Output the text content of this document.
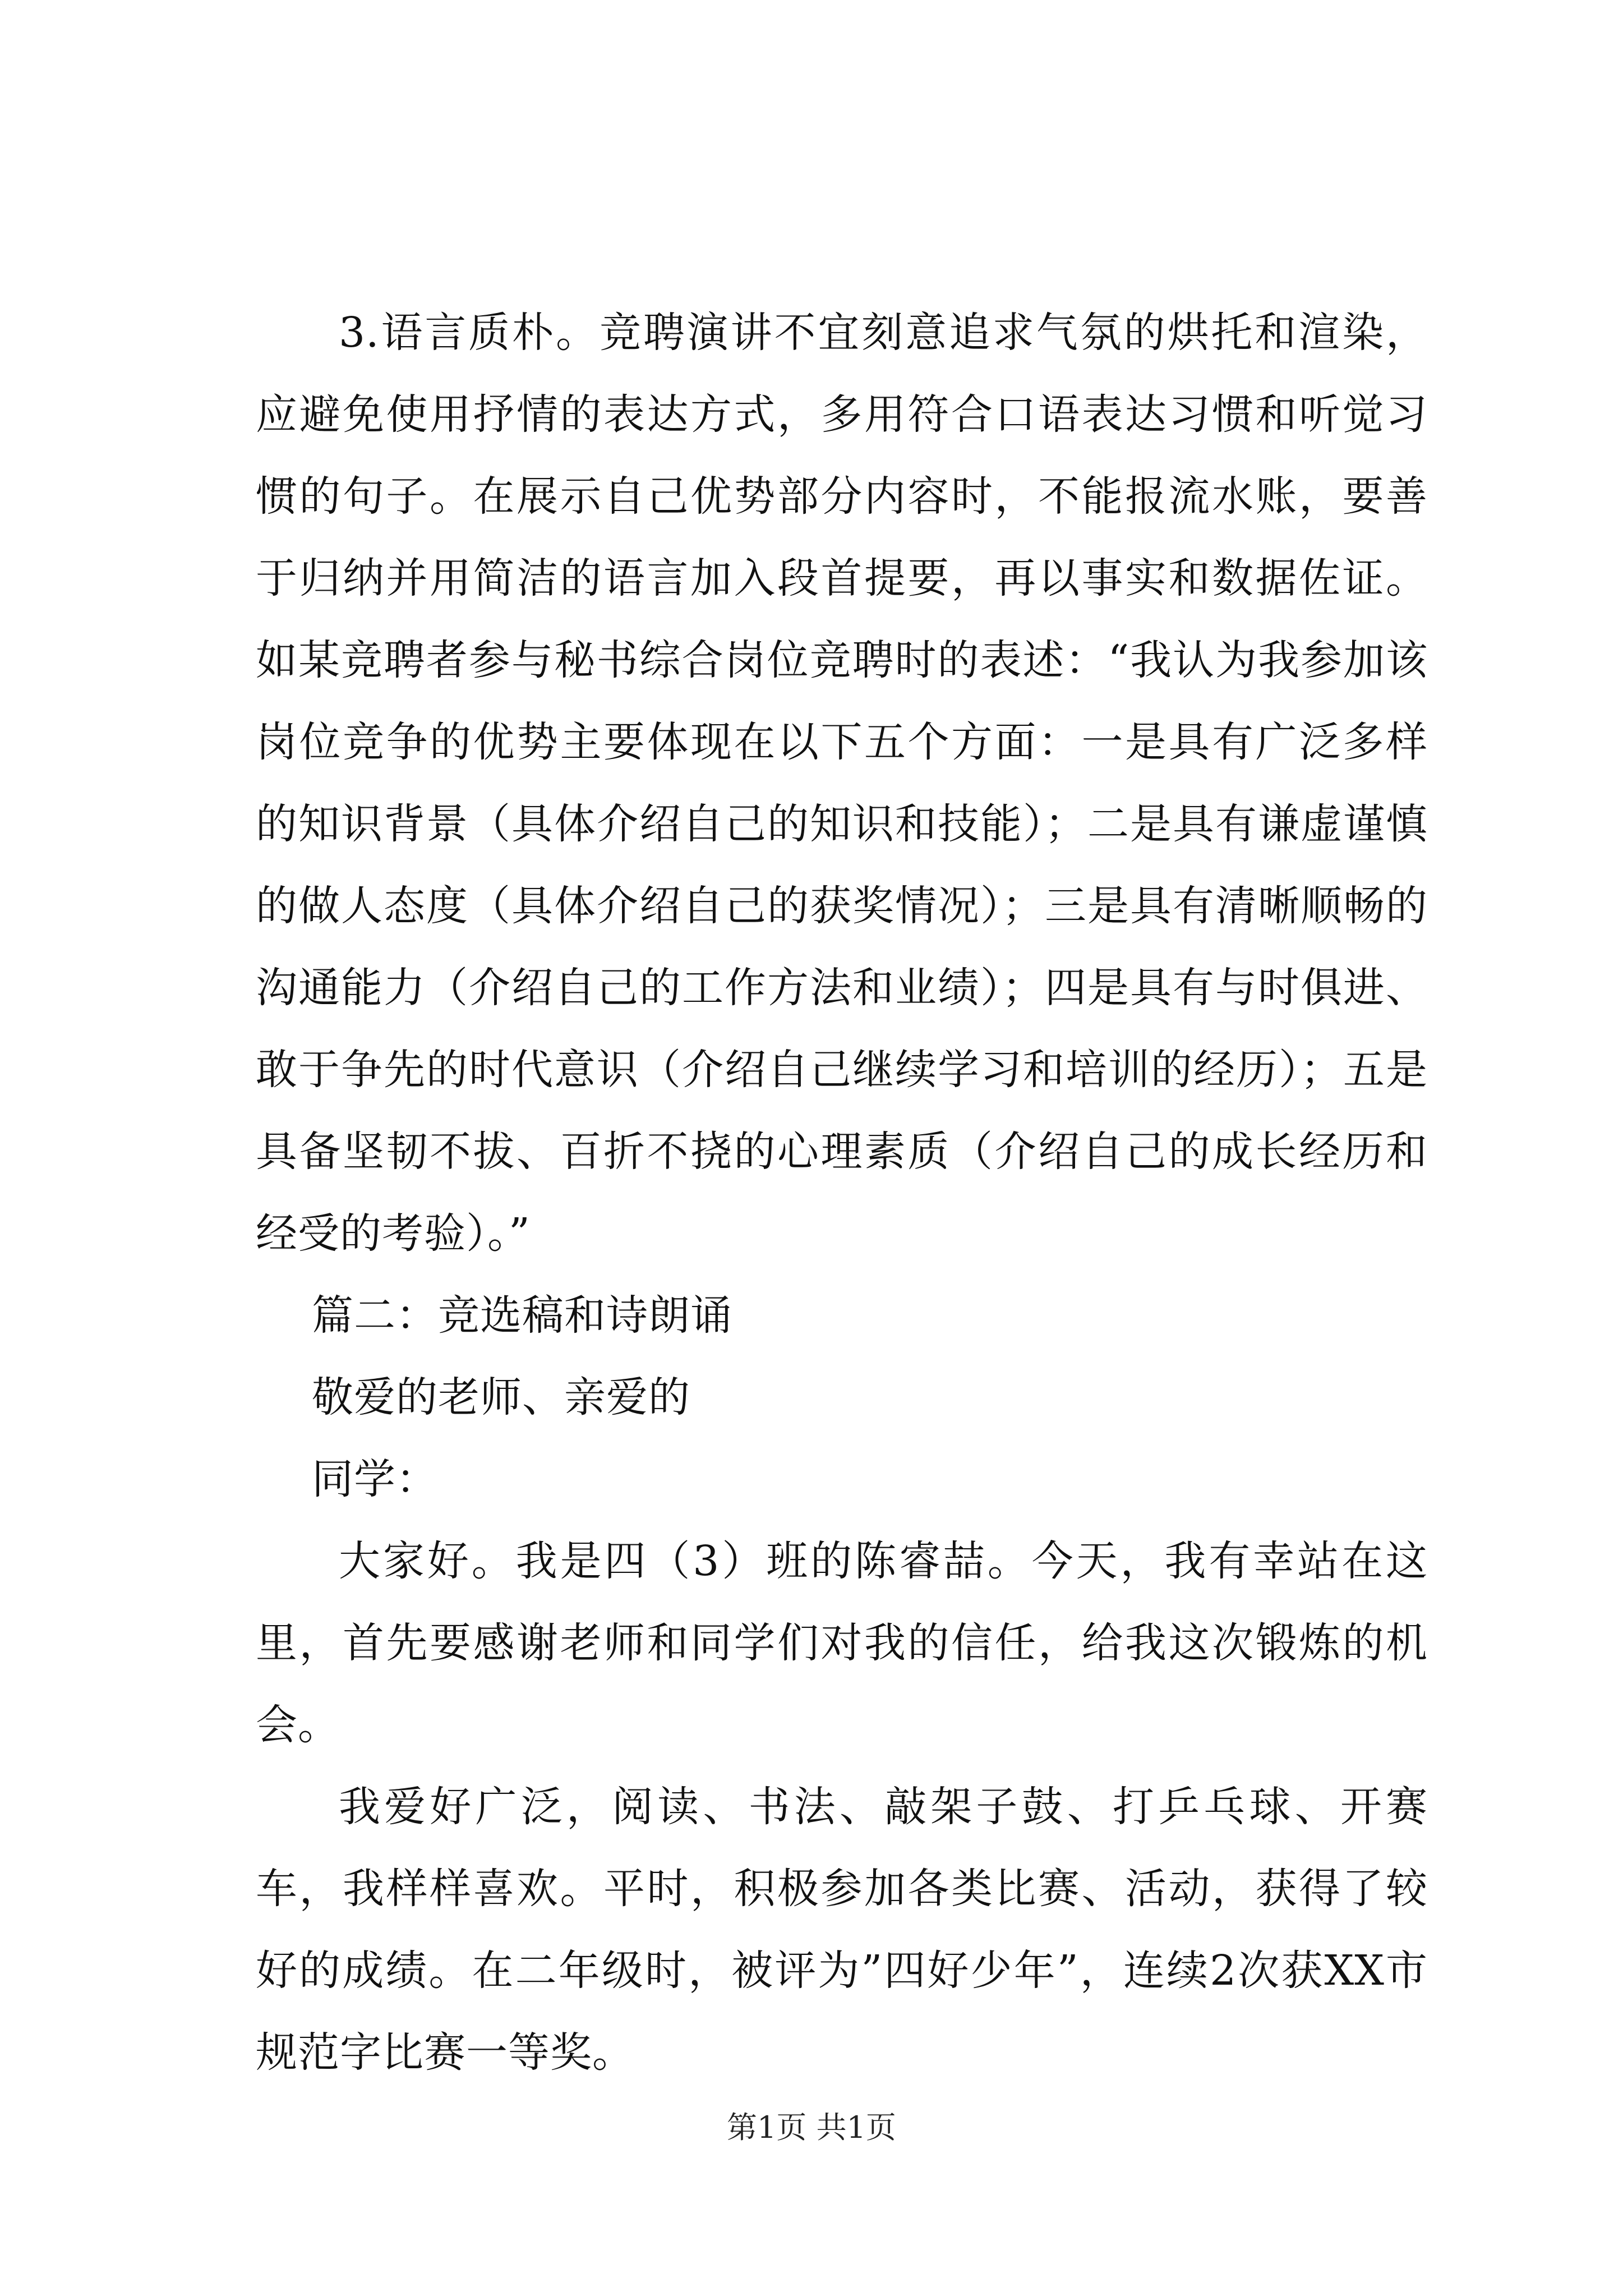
3.语言质朴。竞聘演讲不宜刻意追求气氛的烘托和渲染，应避免使用抒情的表达方式，多用符合口语表达习惯和听觉习惯的句子。在展示自己优势部分内容时，不能报流水账，要善于归纳并用简洁的语言加入段首提要，再以事实和数据佐证。如某竞聘者参与秘书综合岗位竞聘时的表述：“我认为我参加该岗位竞争的优势主要体现在以下五个方面：一是具有广泛多样的知识背景（具体介绍自己的知识和技能）；二是具有谦虚谨慎的做人态度（具体介绍自己的获奖情况）；三是具有清晰顺畅的沟通能力（介绍自己的工作方法和业绩）；四是具有与时俱进、敢于争先的时代意识（介绍自己继续学习和培训的经历）；五是具备坚韧不拔、百折不挠的心理素质（介绍自己的成长经历和经受的考验）。”

篇二：竞选稿和诗朗诵

敬爱的老师、亲爱的

同学：

大家好。我是四（3）班的陈睿喆。今天，我有幸站在这里，首先要感谢老师和同学们对我的信任，给我这次锻炼的机会。

我爱好广泛，阅读、书法、敲架子鼓、打乒乓球、开赛车，我样样喜欢。平时，积极参加各类比赛、活动，获得了较好的成绩。在二年级时，被评为”四好少年”，连续2次获XX市规范字比赛一等奖。

第1页 共1页
